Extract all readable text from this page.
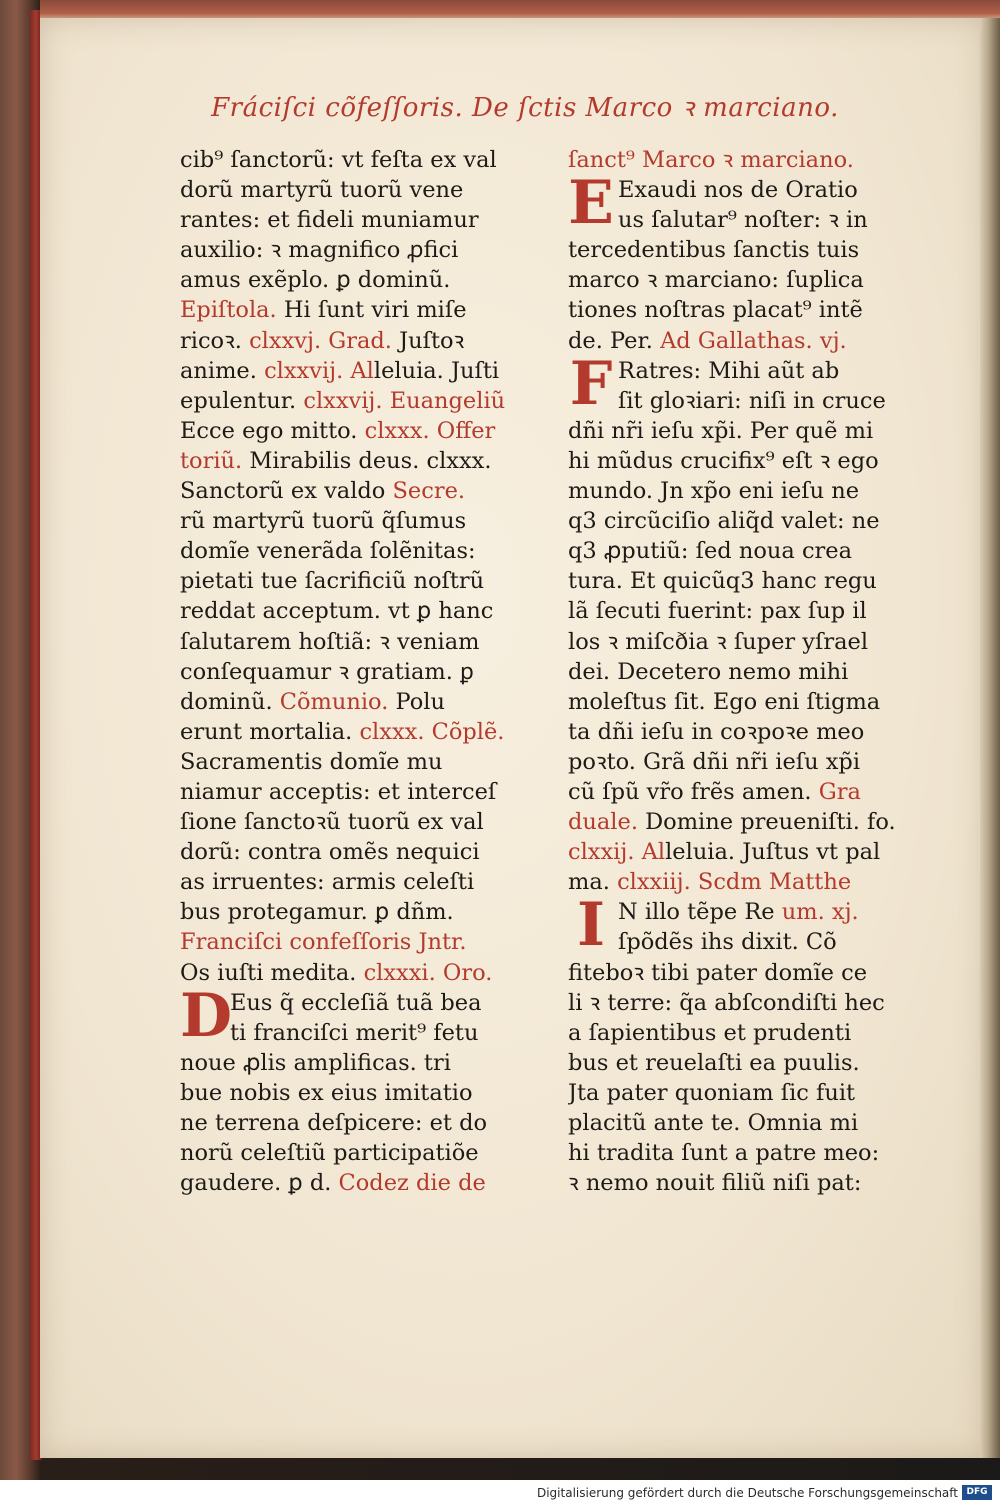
Fráciſci cõfeſſoris. De ſctis Marco ꝛ marciano.
cib⁹ ſanctorũ: vt feſta ex val
dorũ martyrũ tuorũ vene
rantes: et fideli muniamur
auxilio: ꝛ magnifico ꝓfici
amus exẽplo. ꝑ dominũ.
Epiſtola. Hi ſunt viri miſe
ricoꝛ. clxxvj. Grad. Juſtoꝛ
anime. clxxvij. Alleluia. Juſti
epulentur. clxxvij. Euangeliũ
Ecce ego mitto. clxxx. Offer
toriũ. Mirabilis deus. clxxx.
Sanctorũ ex valdo Secre.
rũ martyrũ tuorũ q̃ſumus
domĩe venerãda ſolẽnitas:
pietati tue ſacrificiũ noſtrũ
reddat acceptum. vt ꝑ hanc
ſalutarem hoſtiã: ꝛ veniam
conſequamur ꝛ gratiam. ꝑ
dominũ. Cõmunio. Polu
erunt mortalia. clxxx. Cõplẽ.
Sacramentis domĩe mu
niamur acceptis: et interceſ
ſione ſanctoꝛũ tuorũ ex val
dorũ: contra omẽs nequici
as irruentes: armis celeſti
bus protegamur. ꝑ dñm.
Franciſci confeſſoris Jntr.
Os iuſti medita. clxxxi. Oro.
D
Eus q̃ eccleſiã tuã bea
ti franciſci merit⁹ fetu
noue ꝓlis amplificas. tri
bue nobis ex eius imitatio
ne terrena deſpicere: et do
norũ celeſtiũ participatiõe
gaudere. ꝑ d. Codez die de
ſanct⁹ Marco ꝛ marciano.
E Exaudi nos de Oratio
us ſalutar⁹ noſter: ꝛ in
tercedentibus ſanctis tuis
marco ꝛ marciano: ſuplica
tiones noſtras placat⁹ intẽ
de. Per. Ad Gallathas. vj.
F Ratres: Mihi aũt ab
ſit gloꝛiari: niſi in cruce
dñi nr̃i ieſu xp̃i. Per quẽ mi
hi mũdus crucifix⁹ eſt ꝛ ego
mundo. Jn xp̃o eni ieſu ne
q3 circũciſio aliq̃d valet: ne
q3 ꝓputiũ: ſed noua crea
tura. Et quicũq3 hanc regu
lã ſecuti fuerint: pax ſup il
los ꝛ miſcðia ꝛ ſuper yſrael
dei. Decetero nemo mihi
moleſtus ſit. Ego eni ſtigma
ta dñi ieſu in coꝛpoꝛe meo
poꝛto. Grã dñi nr̃i ieſu xp̃i
cũ ſpũ vr̃o frẽs amen. Gra
duale. Domine preueniſti. fo.
clxxij. Alleluia. Juſtus vt pal
ma. clxxiij. Scdm Matthe
I N illo tẽpe Re um. xj.
ſpõdẽs ihs dixit. Cõ
fiteboꝛ tibi pater domĩe ce
li ꝛ terre: q̃a abſcondiſti hec
a ſapientibus et prudenti
bus et reuelaſti ea puulis.
Jta pater quoniam ſic fuit
placitũ ante te. Omnia mi
hi tradita ſunt a patre meo:
ꝛ nemo nouit filiũ niſi pat:
Digitalisierung gefördert durch die Deutsche Forschungsgemeinschaft DFG
